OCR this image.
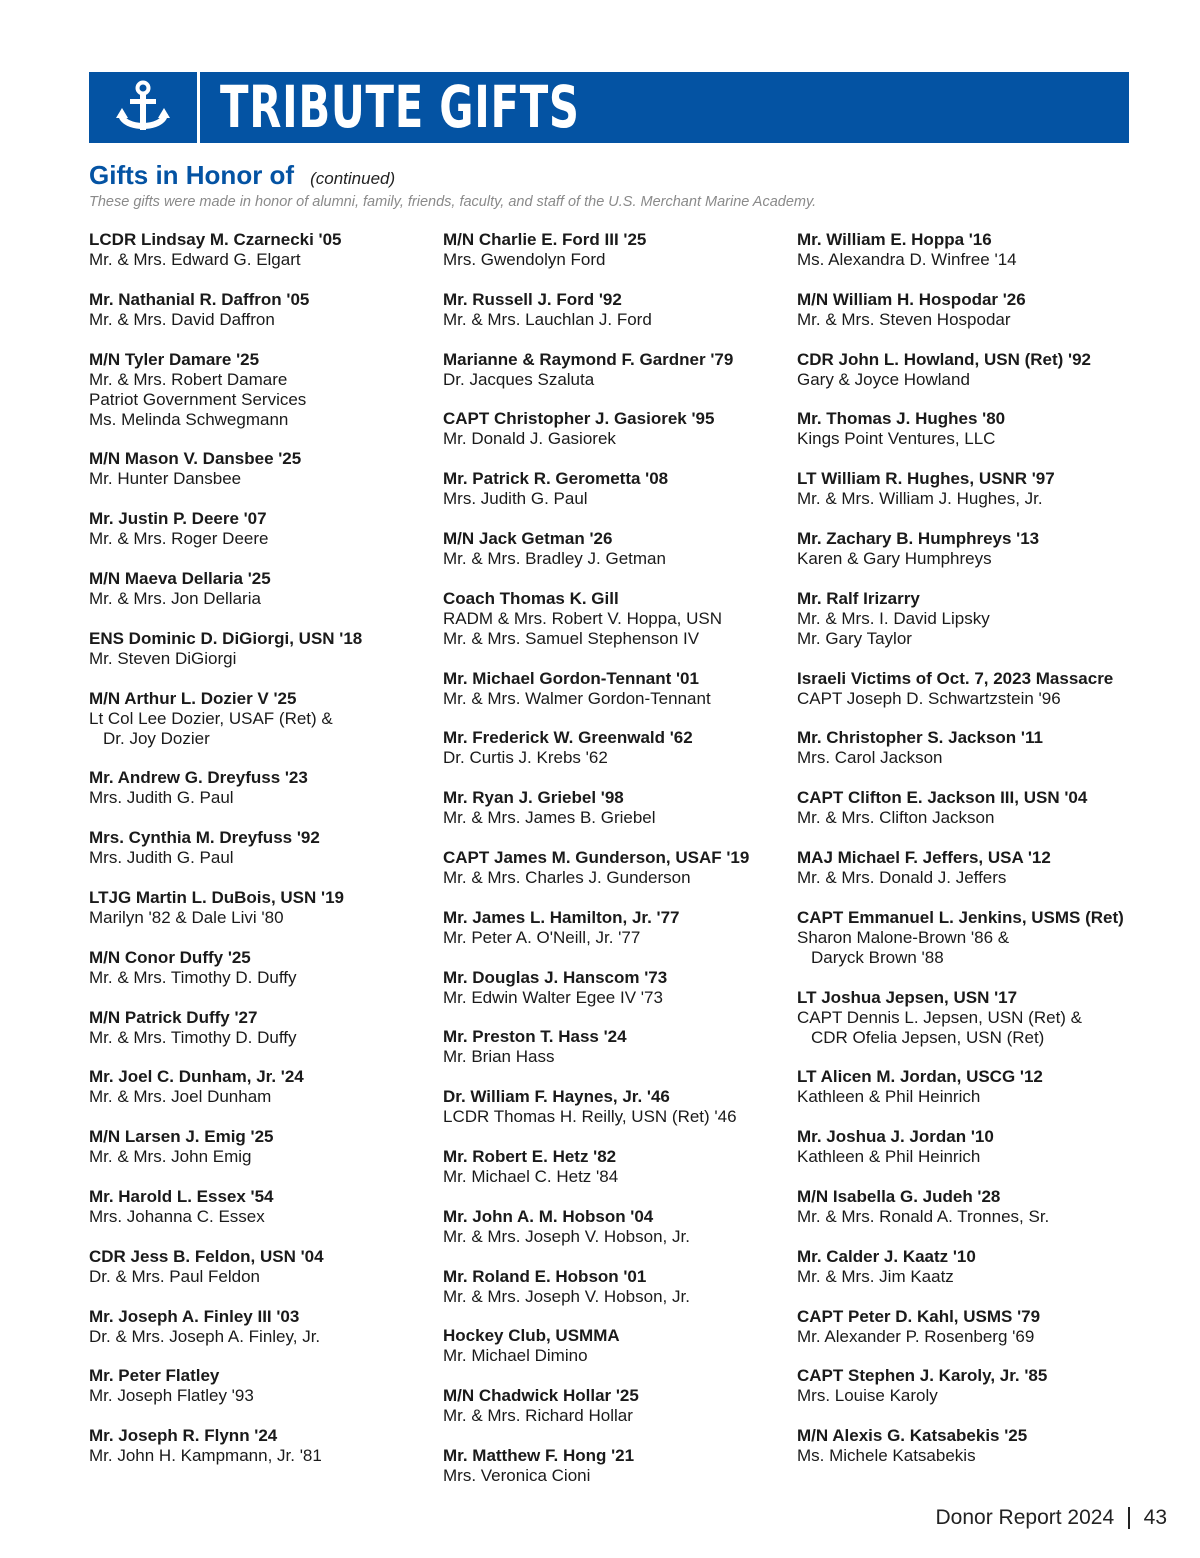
TRIBUTE GIFTS
Gifts in Honor of (continued)
These gifts were made in honor of alumni, family, friends, faculty, and staff of the U.S. Merchant Marine Academy.
LCDR Lindsay M. Czarnecki '05
Mr. & Mrs. Edward G. Elgart
Mr. Nathanial R. Daffron '05
Mr. & Mrs. David Daffron
M/N Tyler Damare '25
Mr. & Mrs. Robert Damare
Patriot Government Services
Ms. Melinda Schwegmann
M/N Mason V. Dansbee '25
Mr. Hunter Dansbee
Mr. Justin P. Deere '07
Mr. & Mrs. Roger Deere
M/N Maeva Dellaria '25
Mr. & Mrs. Jon Dellaria
ENS Dominic D. DiGiorgi, USN '18
Mr. Steven DiGiorgi
M/N Arthur L. Dozier V '25
Lt Col Lee Dozier, USAF (Ret) &
Dr. Joy Dozier
Mr. Andrew G. Dreyfuss '23
Mrs. Judith G. Paul
Mrs. Cynthia M. Dreyfuss '92
Mrs. Judith G. Paul
LTJG Martin L. DuBois, USN '19
Marilyn '82 & Dale Livi '80
M/N Conor Duffy '25
Mr. & Mrs. Timothy D. Duffy
M/N Patrick Duffy '27
Mr. & Mrs. Timothy D. Duffy
Mr. Joel C. Dunham, Jr. '24
Mr. & Mrs. Joel Dunham
M/N Larsen J. Emig '25
Mr. & Mrs. John Emig
Mr. Harold L. Essex '54
Mrs. Johanna C. Essex
CDR Jess B. Feldon, USN '04
Dr. & Mrs. Paul Feldon
Mr. Joseph A. Finley III '03
Dr. & Mrs. Joseph A. Finley, Jr.
Mr. Peter Flatley
Mr. Joseph Flatley '93
Mr. Joseph R. Flynn '24
Mr. John H. Kampmann, Jr. '81
M/N Charlie E. Ford III '25
Mrs. Gwendolyn Ford
Mr. Russell J. Ford '92
Mr. & Mrs. Lauchlan J. Ford
Marianne & Raymond F. Gardner '79
Dr. Jacques Szaluta
CAPT Christopher J. Gasiorek '95
Mr. Donald J. Gasiorek
Mr. Patrick R. Gerometta '08
Mrs. Judith G. Paul
M/N Jack Getman '26
Mr. & Mrs. Bradley J. Getman
Coach Thomas K. Gill
RADM & Mrs. Robert V. Hoppa, USN
Mr. & Mrs. Samuel Stephenson IV
Mr. Michael Gordon-Tennant '01
Mr. & Mrs. Walmer Gordon-Tennant
Mr. Frederick W. Greenwald '62
Dr. Curtis J. Krebs '62
Mr. Ryan J. Griebel '98
Mr. & Mrs. James B. Griebel
CAPT James M. Gunderson, USAF '19
Mr. & Mrs. Charles J. Gunderson
Mr. James L. Hamilton, Jr. '77
Mr. Peter A. O'Neill, Jr. '77
Mr. Douglas J. Hanscom '73
Mr. Edwin Walter Egee IV '73
Mr. Preston T. Hass '24
Mr. Brian Hass
Dr. William F. Haynes, Jr. '46
LCDR Thomas H. Reilly, USN (Ret) '46
Mr. Robert E. Hetz '82
Mr. Michael C. Hetz '84
Mr. John A. M. Hobson '04
Mr. & Mrs. Joseph V. Hobson, Jr.
Mr. Roland E. Hobson '01
Mr. & Mrs. Joseph V. Hobson, Jr.
Hockey Club, USMMA
Mr. Michael Dimino
M/N Chadwick Hollar '25
Mr. & Mrs. Richard Hollar
Mr. Matthew F. Hong '21
Mrs. Veronica Cioni
Mr. William E. Hoppa '16
Ms. Alexandra D. Winfree '14
M/N William H. Hospodar '26
Mr. & Mrs. Steven Hospodar
CDR John L. Howland, USN (Ret) '92
Gary & Joyce Howland
Mr. Thomas J. Hughes '80
Kings Point Ventures, LLC
LT William R. Hughes, USNR '97
Mr. & Mrs. William J. Hughes, Jr.
Mr. Zachary B. Humphreys '13
Karen & Gary Humphreys
Mr. Ralf Irizarry
Mr. & Mrs. I. David Lipsky
Mr. Gary Taylor
Israeli Victims of Oct. 7, 2023 Massacre
CAPT Joseph D. Schwartzstein '96
Mr. Christopher S. Jackson '11
Mrs. Carol Jackson
CAPT Clifton E. Jackson III, USN '04
Mr. & Mrs. Clifton Jackson
MAJ Michael F. Jeffers, USA '12
Mr. & Mrs. Donald J. Jeffers
CAPT Emmanuel L. Jenkins, USMS (Ret)
Sharon Malone-Brown '86 &
Daryck Brown '88
LT Joshua Jepsen, USN '17
CAPT Dennis L. Jepsen, USN (Ret) &
CDR Ofelia Jepsen, USN (Ret)
LT Alicen M. Jordan, USCG '12
Kathleen & Phil Heinrich
Mr. Joshua J. Jordan '10
Kathleen & Phil Heinrich
M/N Isabella G. Judeh '28
Mr. & Mrs. Ronald A. Tronnes, Sr.
Mr. Calder J. Kaatz '10
Mr. & Mrs. Jim Kaatz
CAPT Peter D. Kahl, USMS '79
Mr. Alexander P. Rosenberg '69
CAPT Stephen J. Karoly, Jr. '85
Mrs. Louise Karoly
M/N Alexis G. Katsabekis '25
Ms. Michele Katsabekis
Donor Report 2024 43
